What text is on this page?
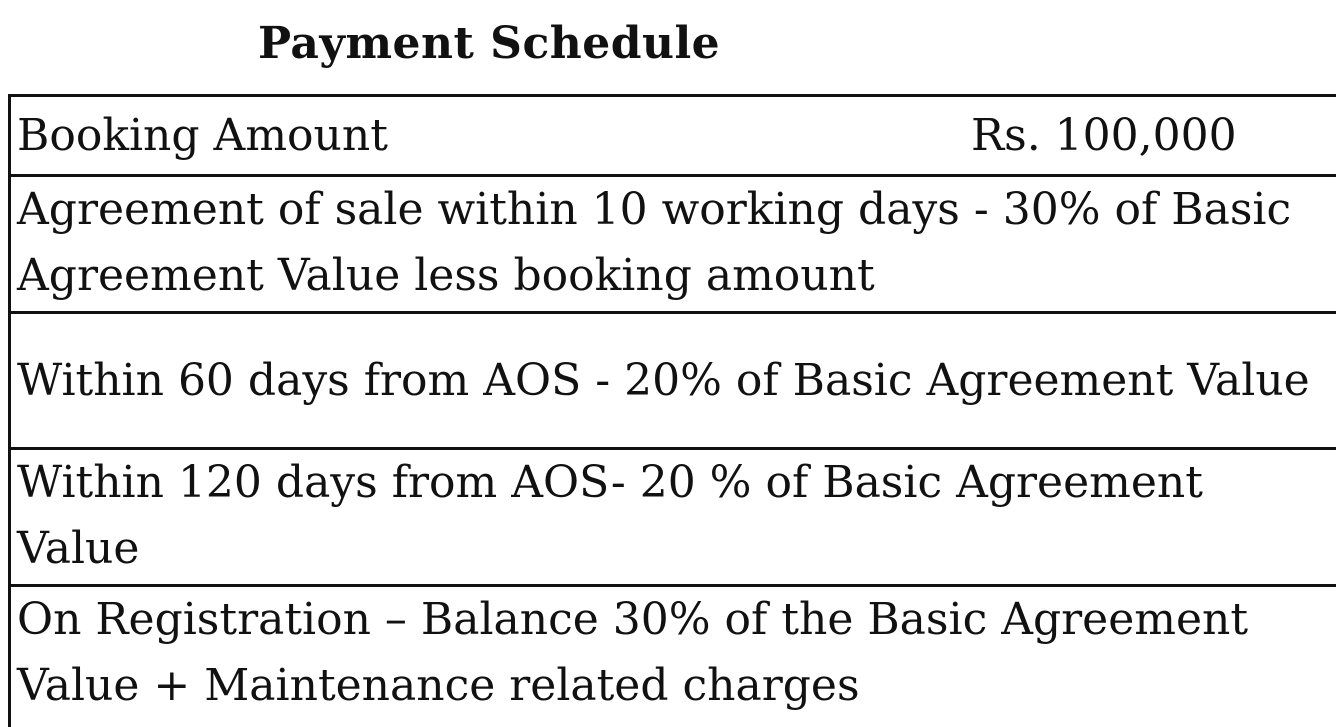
Payment Schedule
Booking Amount	Rs. 100,000
Agreement of sale within 10 working days - 30% of Basic
Agreement Value less booking amount
Within 60 days from AOS - 20% of Basic Agreement Value
Within 120 days from AOS- 20 % of Basic Agreement
Value
On Registration – Balance 30% of the Basic Agreement
Value + Maintenance related charges
